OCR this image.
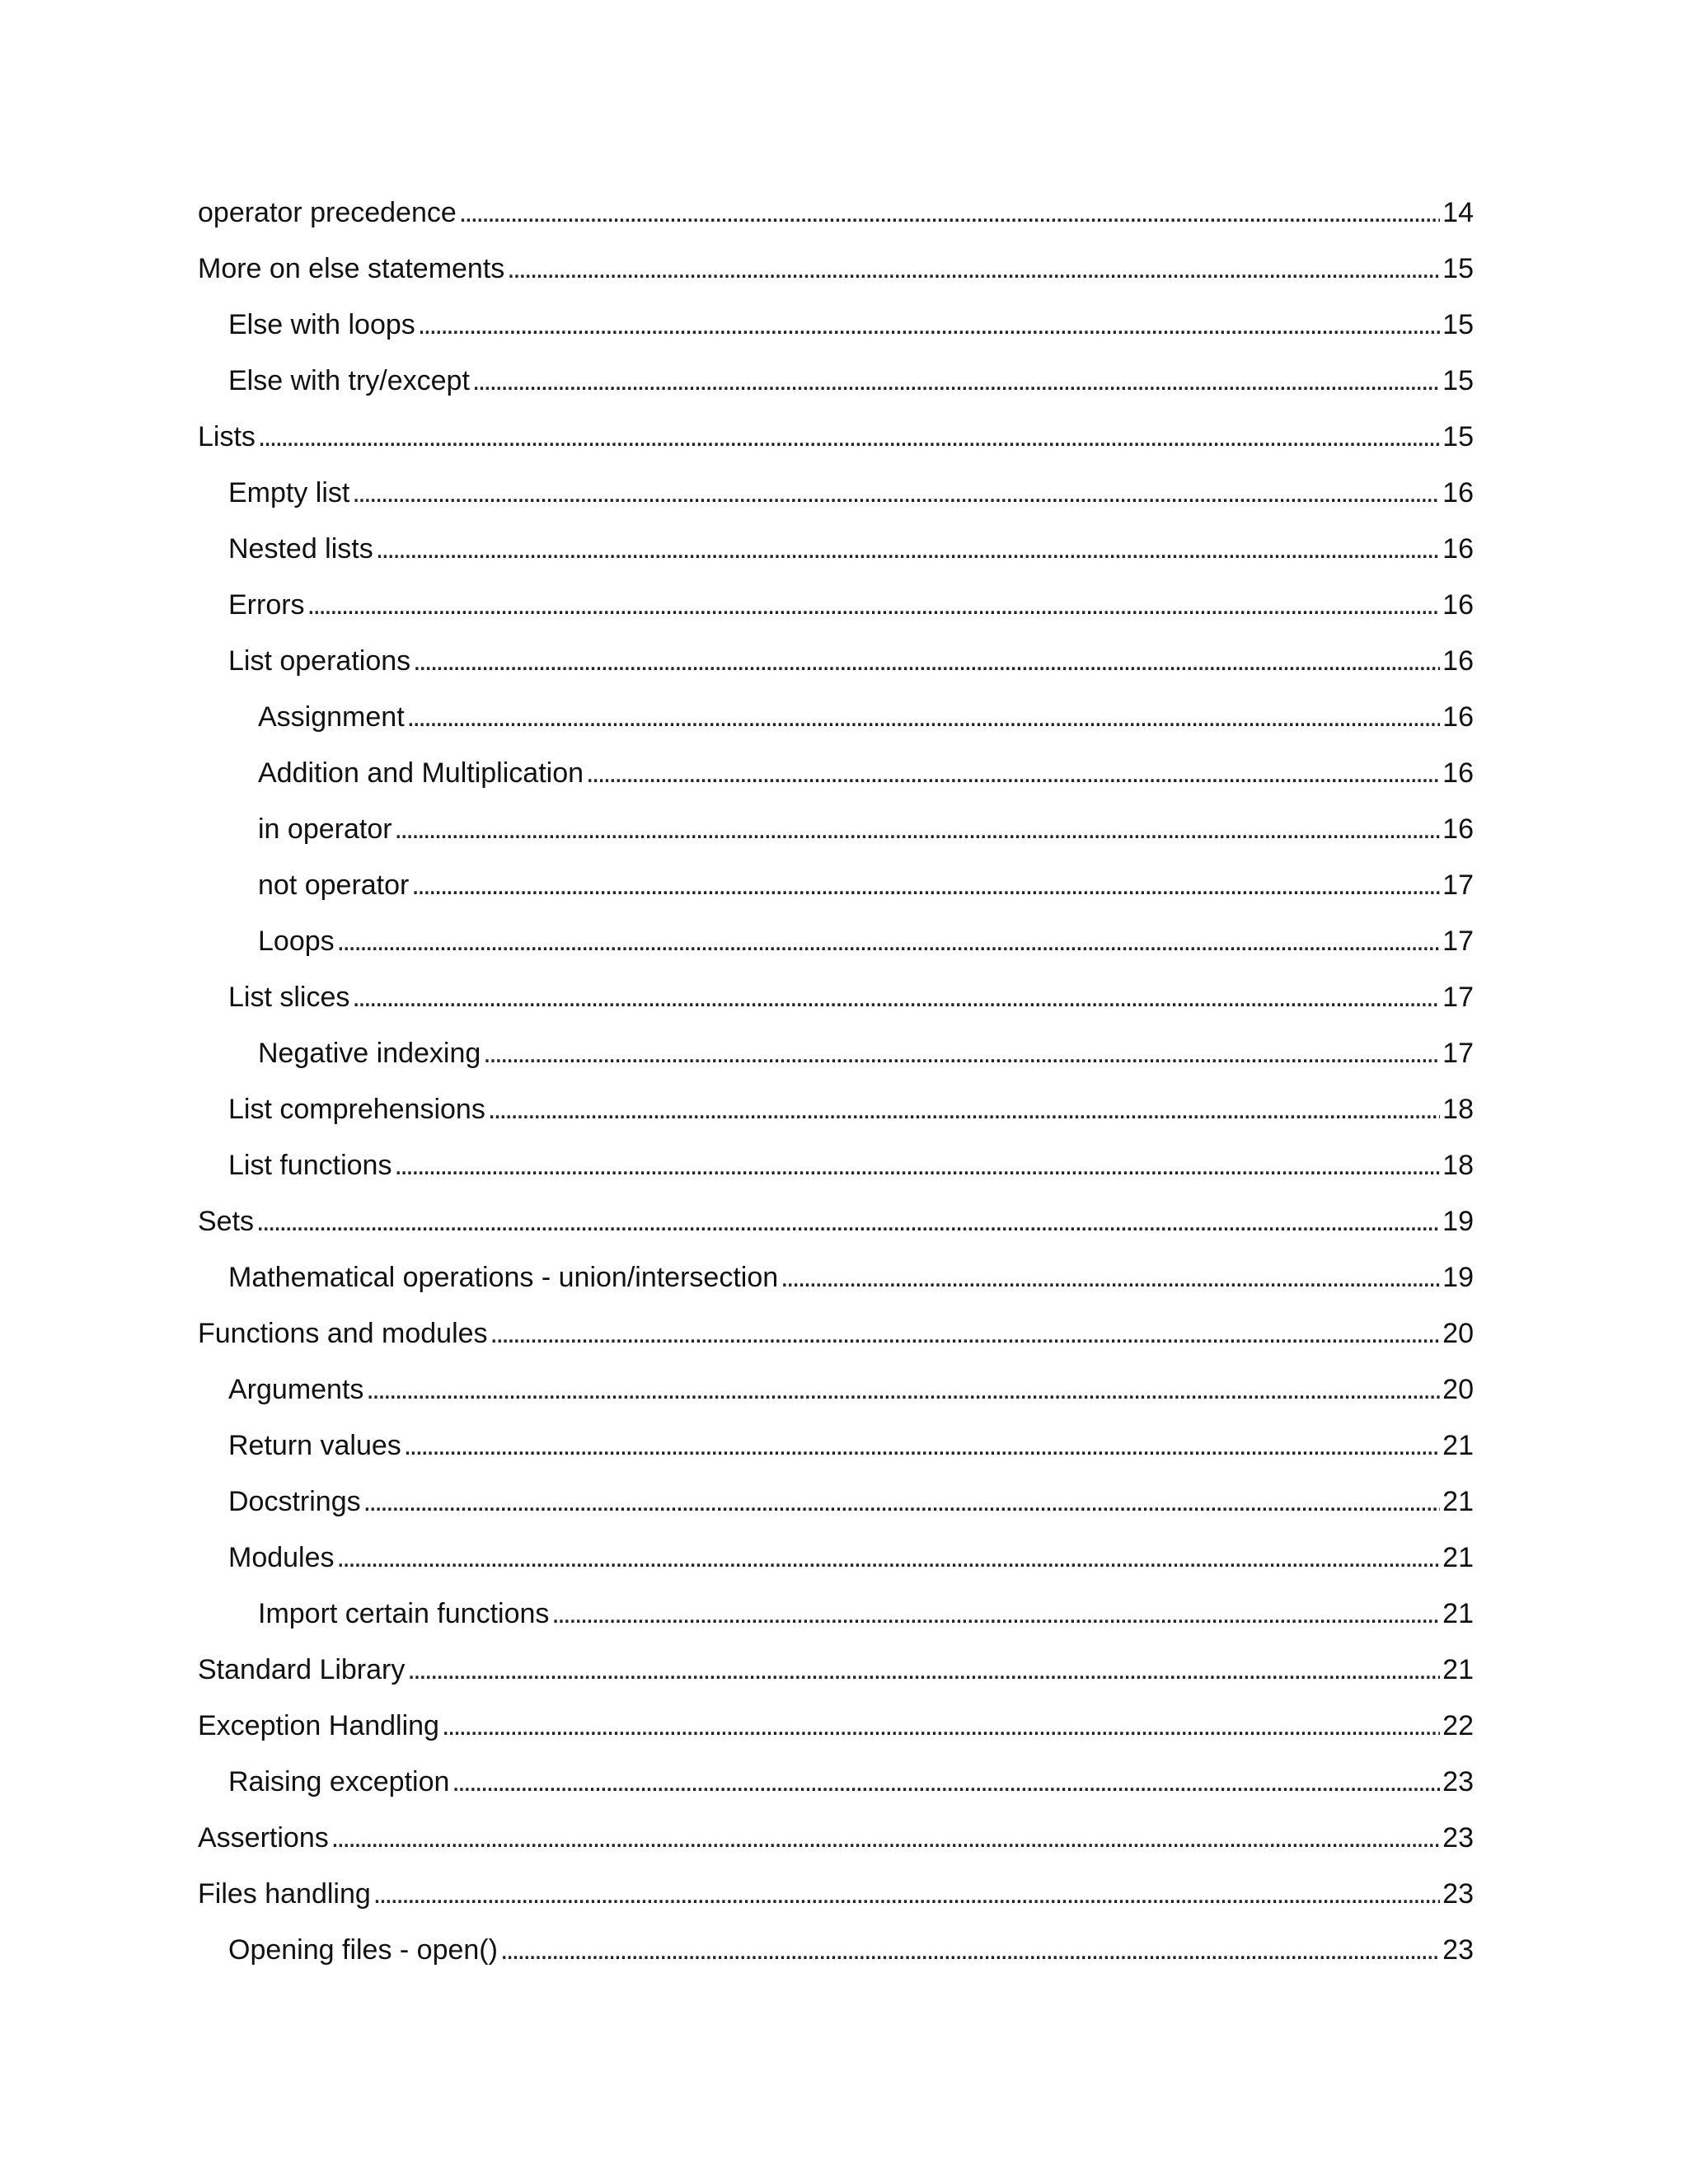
operator precedence . . .	14
More on else statements . . .	15
Else with loops . . .	15
Else with try/except . . .	15
Lists . . .	15
Empty list . . .	16
Nested lists . . .	16
Errors . . .	16
List operations . . .	16
Assignment . . .	16
Addition and Multiplication . . .	16
in operator . . .	16
not operator . . .	17
Loops . . .	17
List slices . . .	17
Negative indexing . . .	17
List comprehensions . . .	18
List functions . . .	18
Sets . . .	19
Mathematical operations - union/intersection . . .	19
Functions and modules . . .	20
Arguments . . .	20
Return values . . .	21
Docstrings . . .	21
Modules . . .	21
Import certain functions . . .	21
Standard Library . . .	21
Exception Handling . . .	22
Raising exception . . .	23
Assertions . . .	23
Files handling . . .	23
Opening files - open() . . .	23
